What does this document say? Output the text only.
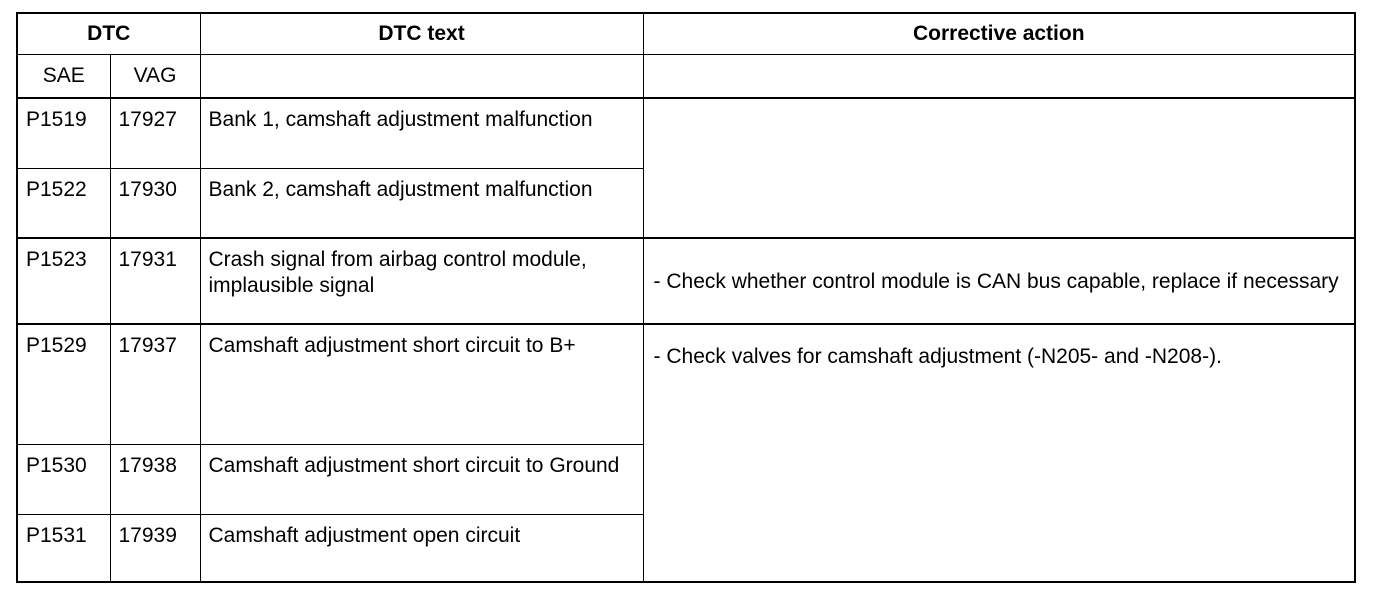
DTC		DTC text	Corrective action
SAE	VAG		
P1519	17927	Bank 1, camshaft adjustment malfunction	
P1522	17930	Bank 2, camshaft adjustment malfunction	
P1523	17931	Crash signal from airbag control module, implausible signal	- Check whether control module is CAN bus capable, replace if necessary
P1529	17937	Camshaft adjustment short circuit to B+	- Check valves for camshaft adjustment (-N205- and -N208-).
P1530	17938	Camshaft adjustment short circuit to Ground	
P1531	17939	Camshaft adjustment open circuit	
